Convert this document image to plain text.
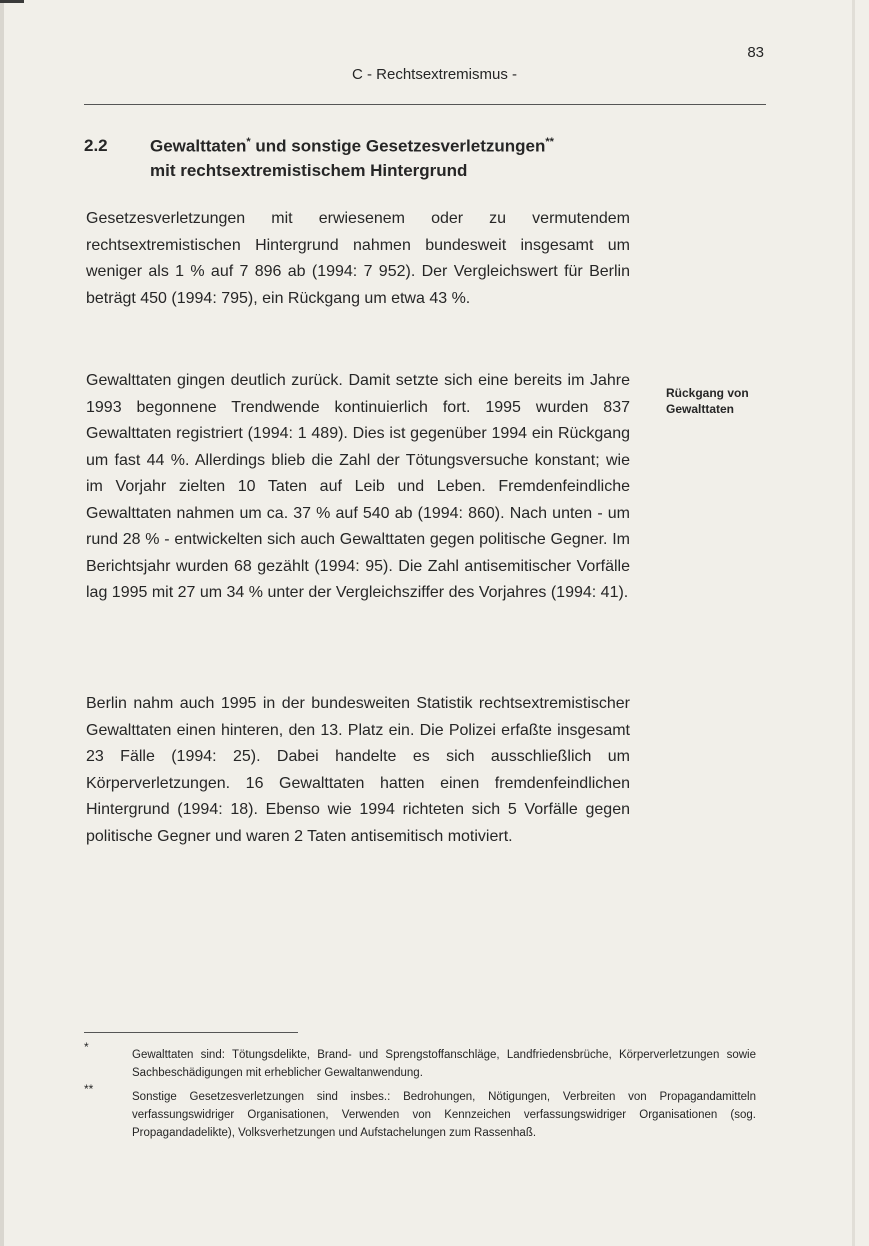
83
C - Rechtsextremismus -
2.2 Gewalttaten* und sonstige Gesetzesverletzungen**
mit rechtsextremistischem Hintergrund
Gesetzesverletzungen mit erwiesenem oder zu vermutendem rechtsextremistischen Hintergrund nahmen bundesweit insgesamt um weniger als 1 % auf 7 896 ab (1994: 7 952). Der Vergleichswert für Berlin beträgt 450 (1994: 795), ein Rückgang um etwa 43 %.
Gewalttaten gingen deutlich zurück. Damit setzte sich eine bereits im Jahre 1993 begonnene Trendwende kontinuierlich fort. 1995 wurden 837 Gewalttaten registriert (1994: 1 489). Dies ist gegenüber 1994 ein Rückgang um fast 44 %. Allerdings blieb die Zahl der Tötungsversuche konstant; wie im Vorjahr zielten 10 Taten auf Leib und Leben. Fremdenfeindliche Gewalttaten nahmen um ca. 37 % auf 540 ab (1994: 860). Nach unten - um rund 28 % - entwickelten sich auch Gewalttaten gegen politische Gegner. Im Berichtsjahr wurden 68 gezählt (1994: 95). Die Zahl antisemitischer Vorfälle lag 1995 mit 27 um 34 % unter der Vergleichsziffer des Vorjahres (1994: 41).
Rückgang von Gewalttaten
Berlin nahm auch 1995 in der bundesweiten Statistik rechtsextremistischer Gewalttaten einen hinteren, den 13. Platz ein. Die Polizei erfaßte insgesamt 23 Fälle (1994: 25). Dabei handelte es sich ausschließlich um Körperverletzungen. 16 Gewalttaten hatten einen fremdenfeindlichen Hintergrund (1994: 18). Ebenso wie 1994 richteten sich 5 Vorfälle gegen politische Gegner und waren 2 Taten antisemitisch motiviert.
*
Gewalttaten sind: Tötungsdelikte, Brand- und Sprengstoffanschläge, Landfriedensbrüche, Körperverletzungen sowie Sachbeschädigungen mit erheblicher Gewaltanwendung.
**
Sonstige Gesetzesverletzungen sind insbes.: Bedrohungen, Nötigungen, Verbreiten von Propagandamitteln verfassungswidriger Organisationen, Verwenden von Kennzeichen verfassungswidriger Organisationen (sog. Propagandadelikte), Volksverhetzungen und Aufstachelungen zum Rassenhaß.
